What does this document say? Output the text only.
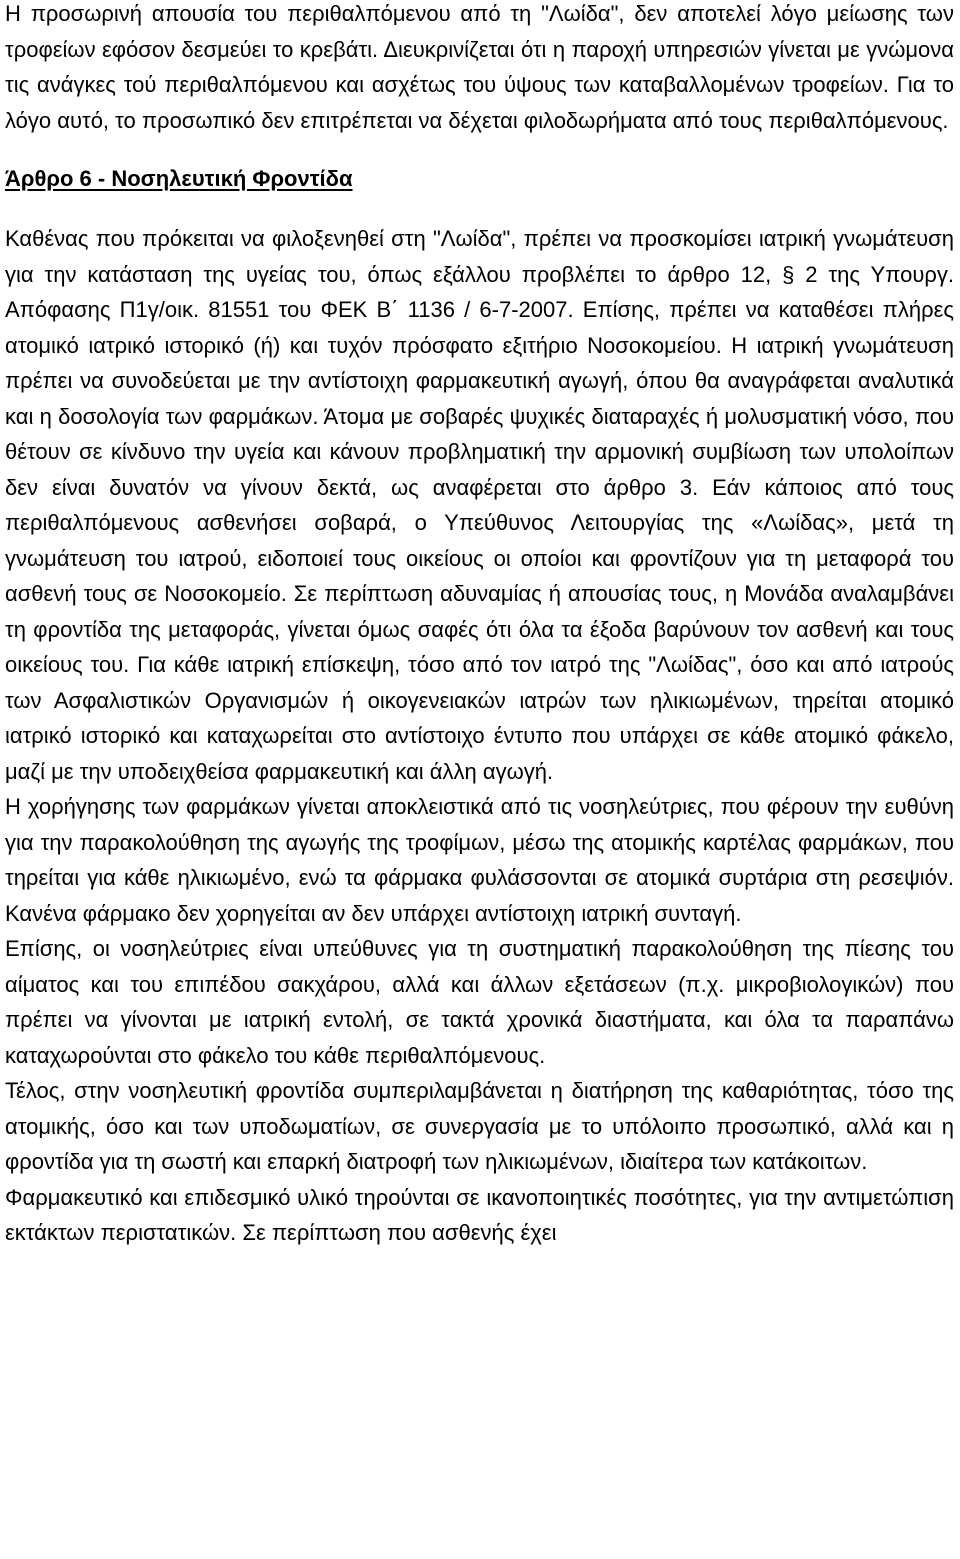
Η προσωρινή απουσία του περιθαλπόμενου από τη "Λωίδα", δεν αποτελεί λόγο μείωσης των τροφείων εφόσον δεσμεύει το κρεβάτι. Διευκρινίζεται ότι η παροχή υπηρεσιών γίνεται με γνώμονα τις ανάγκες τού περιθαλπόμενου και ασχέτως του ύψους των καταβαλλομένων τροφείων. Για το λόγο αυτό, το προσωπικό δεν επιτρέπεται να δέχεται φιλοδωρήματα από τους περιθαλπόμενους.

Άρθρο 6 - Νοσηλευτική Φροντίδα

Καθένας που πρόκειται να φιλοξενηθεί στη "Λωίδα", πρέπει να προσκομίσει ιατρική γνωμάτευση για την κατάσταση της υγείας του, όπως εξάλλου προβλέπει το άρθρο 12, § 2 της Υπουργ. Απόφασης Π1γ/οικ. 81551 του ΦΕΚ Β΄ 1136 / 6-7-2007. Επίσης, πρέπει να καταθέσει πλήρες ατομικό ιατρικό ιστορικό (ή) και τυχόν πρόσφατο εξιτήριο Νοσοκομείου. Η ιατρική γνωμάτευση πρέπει να συνοδεύεται με την αντίστοιχη φαρμακευτική αγωγή, όπου θα αναγράφεται αναλυτικά και η δοσολογία των φαρμάκων. Άτομα με σοβαρές ψυχικές διαταραχές ή μολυσματική νόσο, που θέτουν σε κίνδυνο την υγεία και κάνουν προβληματική την αρμονική συμβίωση των υπολοίπων δεν είναι δυνατόν να γίνουν δεκτά, ως αναφέρεται στο άρθρο 3. Εάν κάποιος από τους περιθαλπόμενους ασθενήσει σοβαρά, ο Υπεύθυνος Λειτουργίας της «Λωίδας», μετά τη γνωμάτευση του ιατρού, ειδοποιεί τους οικείους οι οποίοι και φροντίζουν για τη μεταφορά του ασθενή τους σε Νοσοκομείο. Σε περίπτωση αδυναμίας ή απουσίας τους, η Μονάδα αναλαμβάνει τη φροντίδα της μεταφοράς, γίνεται όμως σαφές ότι όλα τα έξοδα βαρύνουν τον ασθενή και τους οικείους του. Για κάθε ιατρική επίσκεψη, τόσο από τον ιατρό της "Λωίδας", όσο και από ιατρούς των Ασφαλιστικών Οργανισμών ή οικογενειακών ιατρών των ηλικιωμένων, τηρείται ατομικό ιατρικό ιστορικό και καταχωρείται στο αντίστοιχο έντυπο που υπάρχει σε κάθε ατομικό φάκελο, μαζί με την υποδειχθείσα φαρμακευτική και άλλη αγωγή.

Η χορήγησης των φαρμάκων γίνεται αποκλειστικά από τις νοσηλεύτριες, που φέρουν την ευθύνη για την παρακολούθηση της αγωγής της τροφίμων, μέσω της ατομικής καρτέλας φαρμάκων, που τηρείται για κάθε ηλικιωμένο, ενώ τα φάρμακα φυλάσσονται σε ατομικά συρτάρια στη ρεσεψιόν. Κανένα φάρμακο δεν χορηγείται αν δεν υπάρχει αντίστοιχη ιατρική συνταγή.

Επίσης, οι νοσηλεύτριες είναι υπεύθυνες για τη συστηματική παρακολούθηση της πίεσης του αίματος και του επιπέδου σακχάρου, αλλά και άλλων εξετάσεων (π.χ. μικροβιολογικών) που πρέπει να γίνονται με ιατρική εντολή, σε τακτά χρονικά διαστήματα, και όλα τα παραπάνω καταχωρούνται στο φάκελο του κάθε περιθαλπόμενους.

Τέλος, στην νοσηλευτική φροντίδα συμπεριλαμβάνεται η διατήρηση της καθαριότητας, τόσο της ατομικής, όσο και των υποδωματίων, σε συνεργασία με το υπόλοιπο προσωπικό, αλλά και η φροντίδα για τη σωστή και επαρκή διατροφή των ηλικιωμένων, ιδιαίτερα των κατάκοιτων.

Φαρμακευτικό και επιδεσμικό υλικό τηρούνται σε ικανοποιητικές ποσότητες, για την αντιμετώπιση εκτάκτων περιστατικών. Σε περίπτωση που ασθενής έχει
